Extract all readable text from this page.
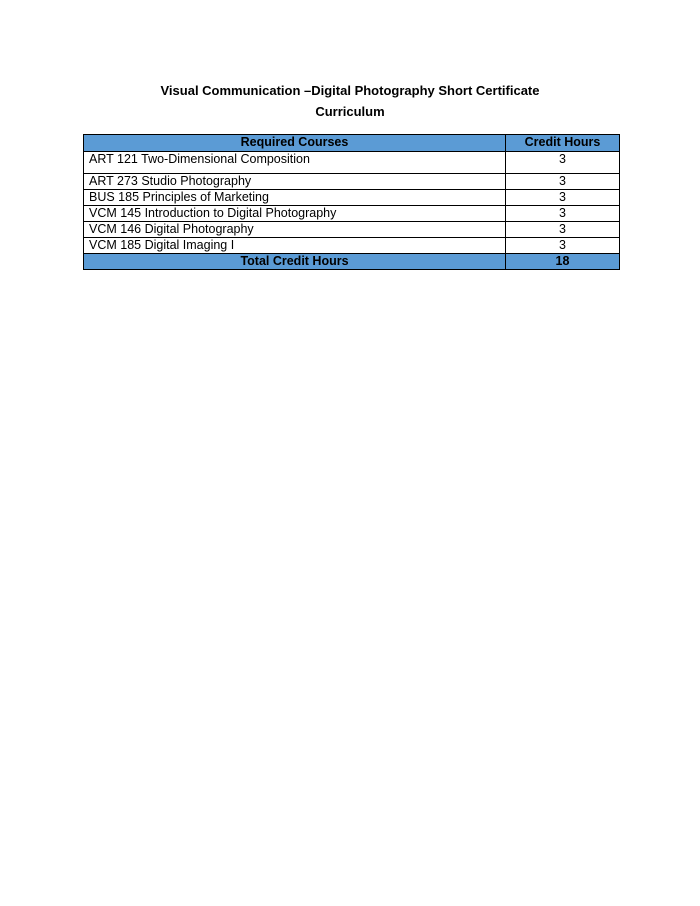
Visual Communication –Digital Photography Short Certificate
Curriculum
Required Courses	Credit Hours
ART 121 Two-Dimensional Composition	3
ART 273 Studio Photography	3
BUS 185 Principles of Marketing	3
VCM 145 Introduction to Digital Photography	3
VCM 146 Digital Photography	3
VCM 185 Digital Imaging I	3
Total Credit Hours	18
